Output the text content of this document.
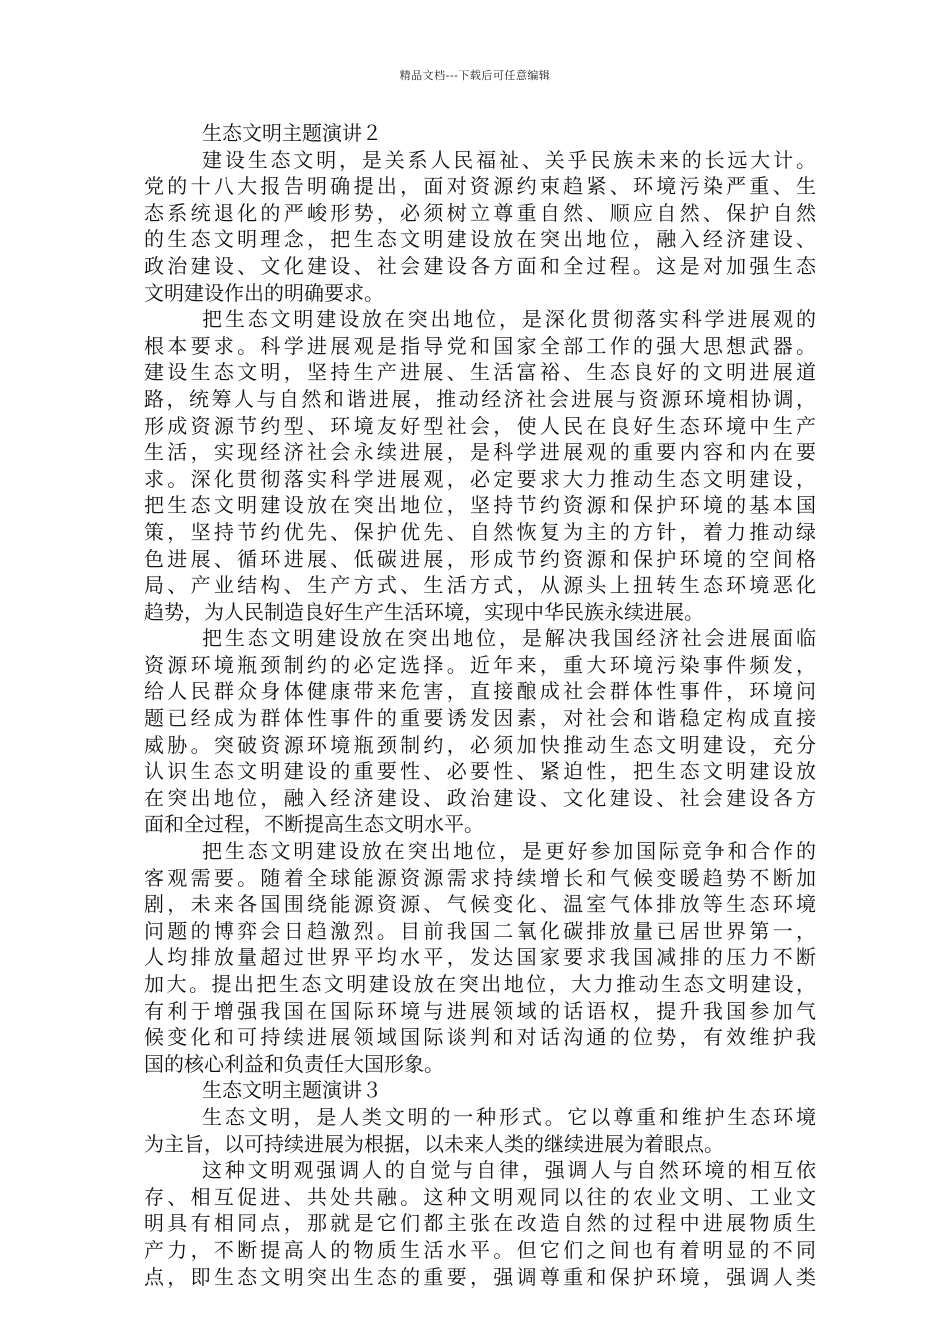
精品文档---下载后可任意编辑
生态文明主题演讲２
建设生态文明，是关系人民福祉、关乎民族未来的长远大计。
党的十八大报告明确提出，面对资源约束趋紧、环境污染严重、生
态系统退化的严峻形势，必须树立尊重自然、顺应自然、保护自然
的生态文明理念，把生态文明建设放在突出地位，融入经济建设、
政治建设、文化建设、社会建设各方面和全过程。这是对加强生态
文明建设作出的明确要求。
把生态文明建设放在突出地位，是深化贯彻落实科学进展观的
根本要求。科学进展观是指导党和国家全部工作的强大思想武器。
建设生态文明，坚持生产进展、生活富裕、生态良好的文明进展道
路，统筹人与自然和谐进展，推动经济社会进展与资源环境相协调，
形成资源节约型、环境友好型社会，使人民在良好生态环境中生产
生活，实现经济社会永续进展，是科学进展观的重要内容和内在要
求。深化贯彻落实科学进展观，必定要求大力推动生态文明建设，
把生态文明建设放在突出地位，坚持节约资源和保护环境的基本国
策，坚持节约优先、保护优先、自然恢复为主的方针，着力推动绿
色进展、循环进展、低碳进展，形成节约资源和保护环境的空间格
局、产业结构、生产方式、生活方式，从源头上扭转生态环境恶化
趋势，为人民制造良好生产生活环境，实现中华民族永续进展。
把生态文明建设放在突出地位，是解决我国经济社会进展面临
资源环境瓶颈制约的必定选择。近年来，重大环境污染事件频发，
给人民群众身体健康带来危害，直接酿成社会群体性事件，环境问
题已经成为群体性事件的重要诱发因素，对社会和谐稳定构成直接
威胁。突破资源环境瓶颈制约，必须加快推动生态文明建设，充分
认识生态文明建设的重要性、必要性、紧迫性，把生态文明建设放
在突出地位，融入经济建设、政治建设、文化建设、社会建设各方
面和全过程，不断提高生态文明水平。
把生态文明建设放在突出地位，是更好参加国际竞争和合作的
客观需要。随着全球能源资源需求持续增长和气候变暖趋势不断加
剧，未来各国围绕能源资源、气候变化、温室气体排放等生态环境
问题的博弈会日趋激烈。目前我国二氧化碳排放量已居世界第一，
人均排放量超过世界平均水平，发达国家要求我国减排的压力不断
加大。提出把生态文明建设放在突出地位，大力推动生态文明建设，
有利于增强我国在国际环境与进展领域的话语权，提升我国参加气
候变化和可持续进展领域国际谈判和对话沟通的位势，有效维护我
国的核心利益和负责任大国形象。
生态文明主题演讲３
生态文明，是人类文明的一种形式。它以尊重和维护生态环境
为主旨，以可持续进展为根据，以未来人类的继续进展为着眼点。
这种文明观强调人的自觉与自律，强调人与自然环境的相互依
存、相互促进、共处共融。这种文明观同以往的农业文明、工业文
明具有相同点，那就是它们都主张在改造自然的过程中进展物质生
产力，不断提高人的物质生活水平。但它们之间也有着明显的不同
点，即生态文明突出生态的重要，强调尊重和保护环境，强调人类
